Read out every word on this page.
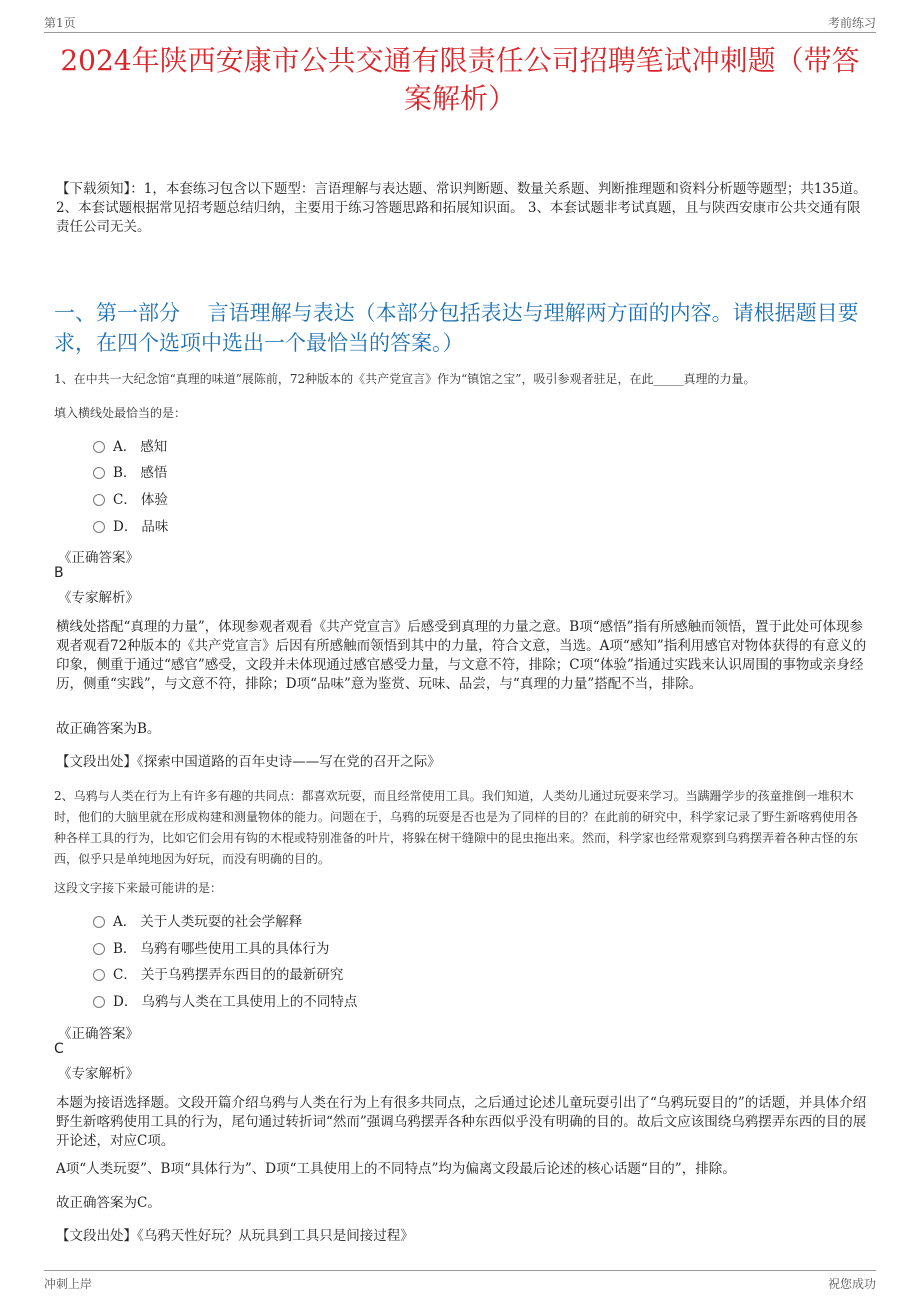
第1页	考前练习
2024年陕西安康市公共交通有限责任公司招聘笔试冲刺题（带答案解析）
【下载须知】：1，本套练习包含以下题型：言语理解与表达题、常识判断题、数量关系题、判断推理题和资料分析题等题型；共135道。 2、本套试题根据常见招考题总结归纳，主要用于练习答题思路和拓展知识面。 3、本套试题非考试真题，且与陕西安康市公共交通有限责任公司无关。
一、第一部分　 言语理解与表达（本部分包括表达与理解两方面的内容。请根据题目要求，在四个选项中选出一个最恰当的答案。）
1、在中共一大纪念馆“真理的味道”展陈前，72种版本的《共产党宣言》作为“镇馆之宝”，吸引参观者驻足，在此_____真理的力量。
填入横线处最恰当的是：
A． 感知
B． 感悟
C． 体验
D． 品味
《正确答案》
B
《专家解析》
横线处搭配“真理的力量”，体现参观者观看《共产党宣言》后感受到真理的力量之意。B项“感悟”指有所感触而领悟，置于此处可体现参观者观看72种版本的《共产党宣言》后因有所感触而领悟到其中的力量，符合文意，当选。A项“感知”指利用感官对物体获得的有意义的印象，侧重于通过“感官”感受，文段并未体现通过感官感受力量，与文意不符，排除；C项“体验”指通过实践来认识周围的事物或亲身经历，侧重“实践”，与文意不符，排除；D项“品味”意为鉴赏、玩味、品尝，与“真理的力量”搭配不当，排除。
故正确答案为B。
【文段出处】《探索中国道路的百年史诗——写在党的召开之际》
2、乌鸦与人类在行为上有许多有趣的共同点：都喜欢玩耍，而且经常使用工具。我们知道，人类幼儿通过玩耍来学习。当蹒跚学步的孩童推倒一堆积木时，他们的大脑里就在形成构建和测量物体的能力。问题在于，乌鸦的玩耍是否也是为了同样的目的？在此前的研究中，科学家记录了野生新喀鸦使用各种各样工具的行为，比如它们会用有钩的木棍或特别准备的叶片，将躲在树干缝隙中的昆虫拖出来。然而，科学家也经常观察到乌鸦摆弄着各种古怪的东西，似乎只是单纯地因为好玩，而没有明确的目的。
这段文字接下来最可能讲的是：
A． 关于人类玩耍的社会学解释
B． 乌鸦有哪些使用工具的具体行为
C． 关于乌鸦摆弄东西目的的最新研究
D． 乌鸦与人类在工具使用上的不同特点
《正确答案》
C
《专家解析》
本题为接语选择题。文段开篇介绍乌鸦与人类在行为上有很多共同点，之后通过论述儿童玩耍引出了“乌鸦玩耍目的”的话题，并具体介绍野生新喀鸦使用工具的行为，尾句通过转折词“然而”强调乌鸦摆弄各种东西似乎没有明确的目的。故后文应该围绕乌鸦摆弄东西的目的展开论述，对应C项。
A项“人类玩耍”、B项“具体行为”、D项“工具使用上的不同特点”均为偏离文段最后论述的核心话题“目的”，排除。
故正确答案为C。
【文段出处】《乌鸦天性好玩？从玩具到工具只是间接过程》
冲刺上岸	祝您成功
